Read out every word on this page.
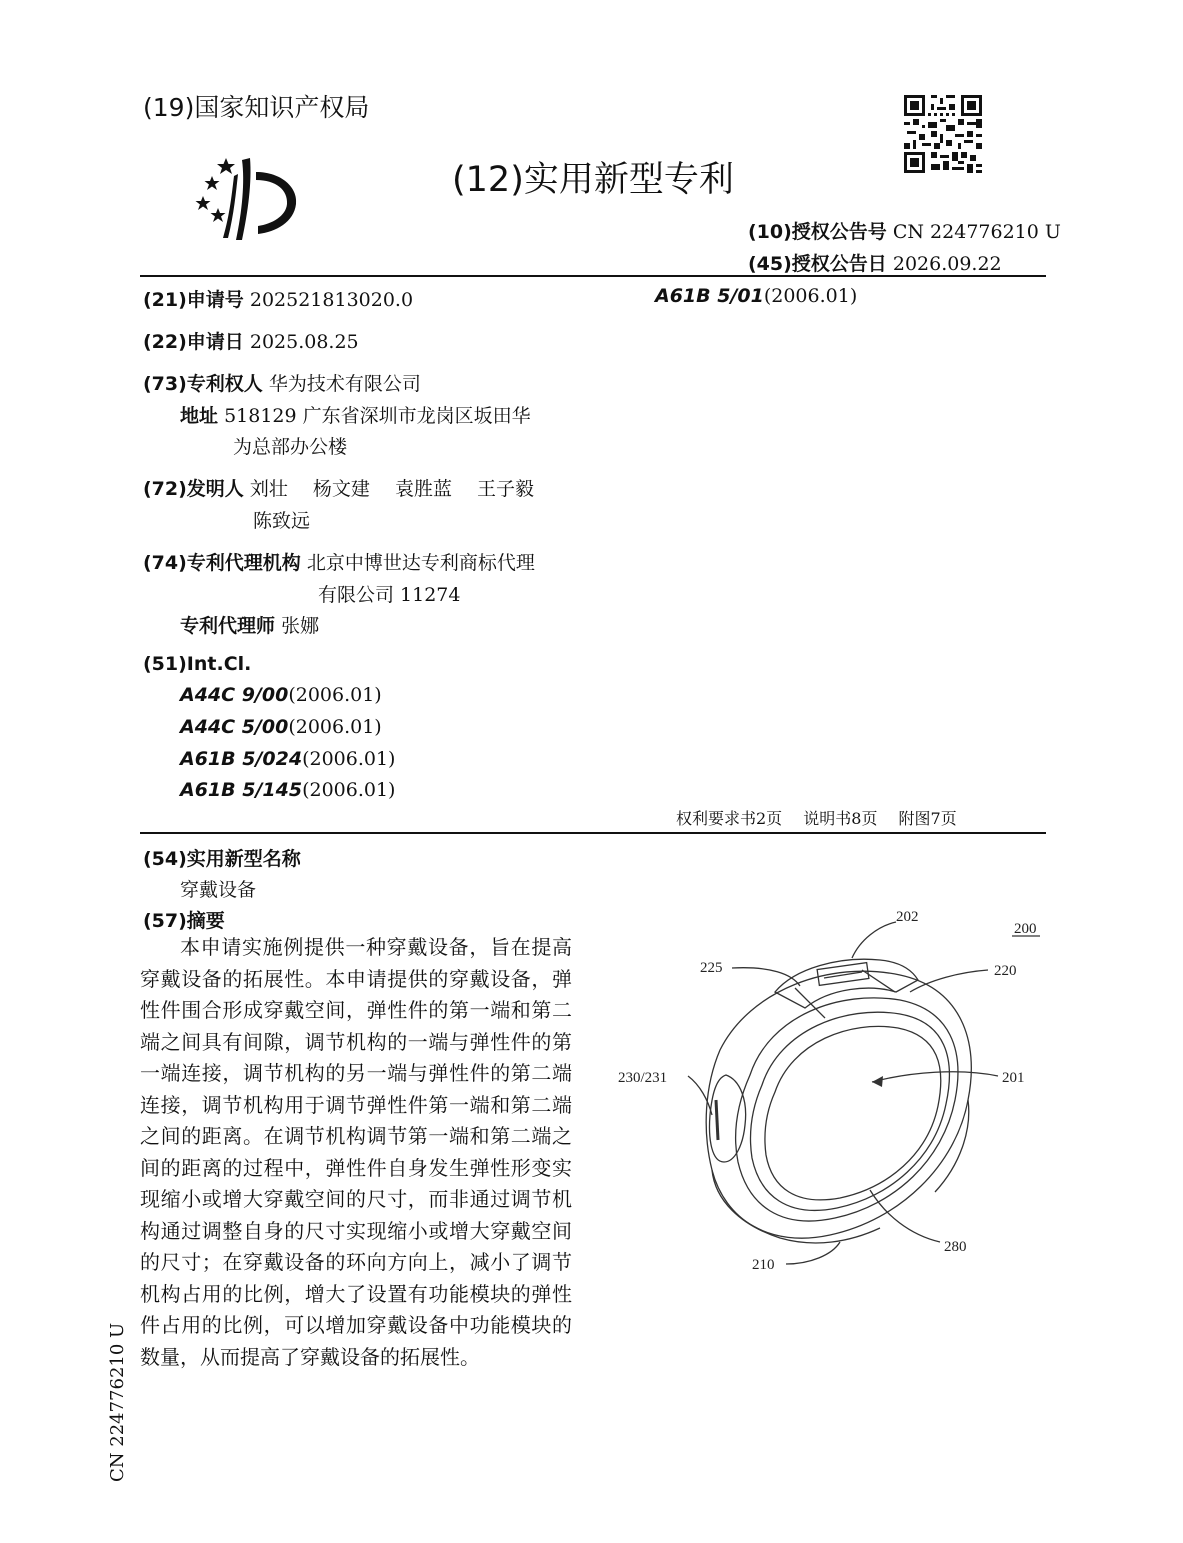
(19)国家知识产权局
(12)实用新型专利
(10)授权公告号 CN 224776210 U
(45)授权公告日 2026.09.22
(21)申请号 202521813020.0	A61B 5/01(2006.01)
(22)申请日 2025.08.25
(73)专利权人 华为技术有限公司
地址 518129 广东省深圳市龙岗区坂田华
为总部办公楼
(72)发明人 刘壮　 杨文建　 袁胜蓝　 王子毅
陈致远
(74)专利代理机构 北京中博世达专利商标代理
有限公司 11274
专利代理师 张娜
(51)Int.Cl.
A44C 9/00(2006.01)
A44C 5/00(2006.01)
A61B 5/024(2006.01)
A61B 5/145(2006.01)
权利要求书2页　 说明书8页　 附图7页
(54)实用新型名称
穿戴设备
(57)摘要

本申请实施例提供一种穿戴设备，旨在提高穿戴设备的拓展性。本申请提供的穿戴设备，弹性件围合形成穿戴空间，弹性件的第一端和第二端之间具有间隙，调节机构的一端与弹性件的第一端连接，调节机构的另一端与弹性件的第二端连接，调节机构用于调节弹性件第一端和第二端之间的距离。在调节机构调节第一端和第二端之间的距离的过程中，弹性件自身发生弹性形变实现缩小或增大穿戴空间的尺寸，而非通过调节机构通过调整自身的尺寸实现缩小或增大穿戴空间的尺寸；在穿戴设备的环向方向上，减小了调节机构占用的比例，增大了设置有功能模块的弹性件占用的比例，可以增加穿戴设备中功能模块的数量，从而提高了穿戴设备的拓展性。

202
200
225	220
230/231	201
280
210
CN 224776210 U
